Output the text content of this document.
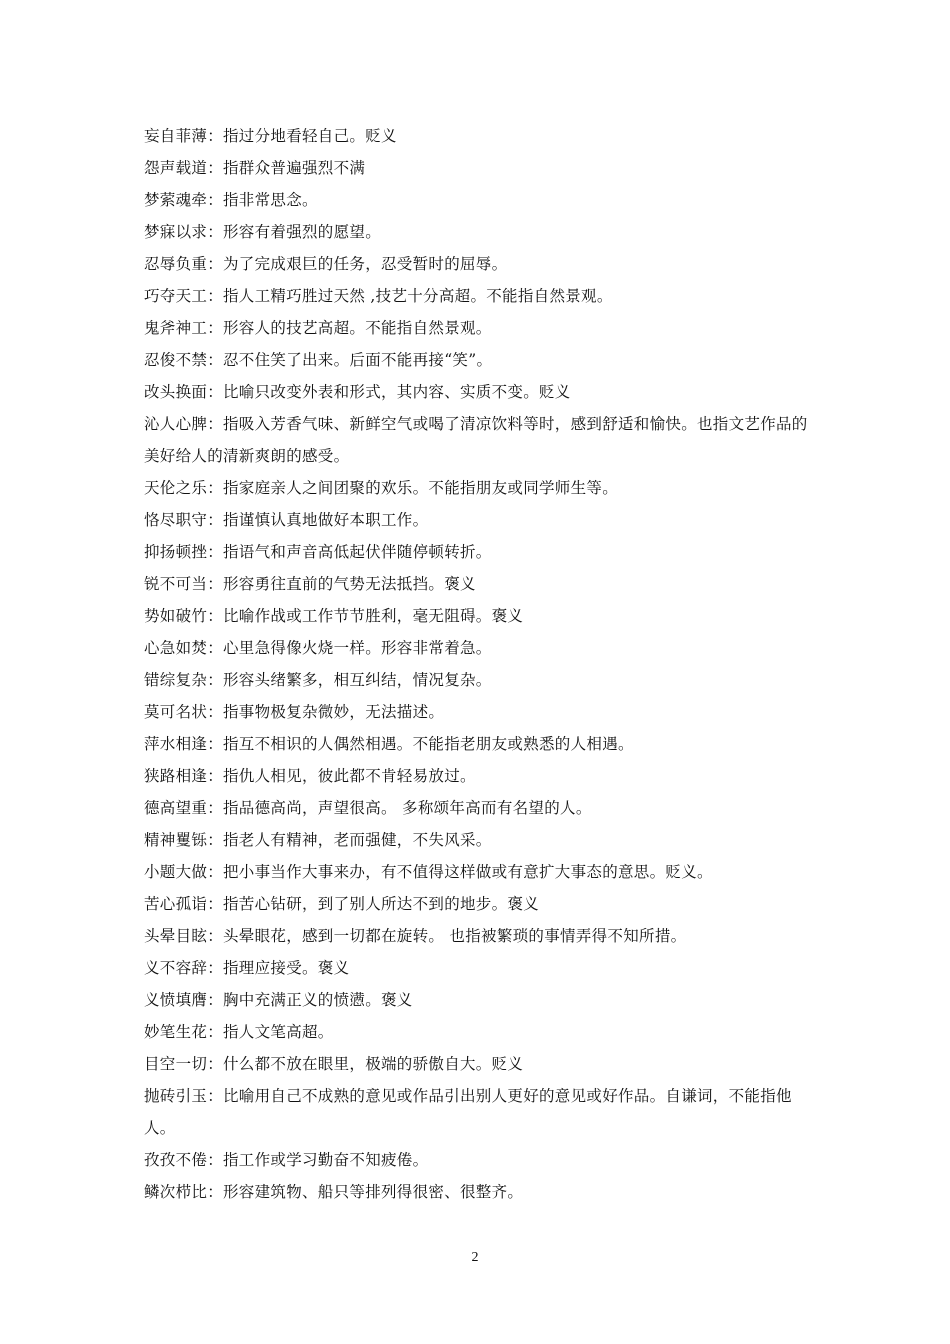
妄自菲薄：指过分地看轻自己。贬义
怨声载道：指群众普遍强烈不满
梦萦魂牵：指非常思念。
梦寐以求：形容有着强烈的愿望。
忍辱负重：为了完成艰巨的任务，忍受暂时的屈辱。
巧夺天工：指人工精巧胜过天然 ,技艺十分高超。不能指自然景观。
鬼斧神工：形容人的技艺高超。不能指自然景观。
忍俊不禁：忍不住笑了出来。后面不能再接“笑”。
改头换面：比喻只改变外表和形式，其内容、实质不变。贬义
沁人心脾：指吸入芳香气味、新鲜空气或喝了清凉饮料等时，感到舒适和愉快。也指文艺作品的美好给人的清新爽朗的感受。
天伦之乐：指家庭亲人之间团聚的欢乐。不能指朋友或同学师生等。
恪尽职守：指谨慎认真地做好本职工作。
抑扬顿挫：指语气和声音高低起伏伴随停顿转折。
锐不可当：形容勇往直前的气势无法抵挡。褒义
势如破竹：比喻作战或工作节节胜利，毫无阻碍。褒义
心急如焚：心里急得像火烧一样。形容非常着急。
错综复杂：形容头绪繁多，相互纠结，情况复杂。
莫可名状：指事物极复杂微妙，无法描述。
萍水相逢：指互不相识的人偶然相遇。不能指老朋友或熟悉的人相遇。
狭路相逢：指仇人相见，彼此都不肯轻易放过。
德高望重：指品德高尚，声望很高。 多称颂年高而有名望的人。
精神矍铄：指老人有精神，老而强健，不失风采。
小题大做：把小事当作大事来办，有不值得这样做或有意扩大事态的意思。贬义。
苦心孤诣：指苦心钻研，到了别人所达不到的地步。褒义
头晕目眩：头晕眼花，感到一切都在旋转。 也指被繁琐的事情弄得不知所措。
义不容辞：指理应接受。褒义
义愤填膺：胸中充满正义的愤懑。褒义
妙笔生花：指人文笔高超。
目空一切：什么都不放在眼里，极端的骄傲自大。贬义
抛砖引玉：比喻用自己不成熟的意见或作品引出别人更好的意见或好作品。自谦词，不能指他人。
孜孜不倦：指工作或学习勤奋不知疲倦。
鳞次栉比：形容建筑物、船只等排列得很密、很整齐。
2
